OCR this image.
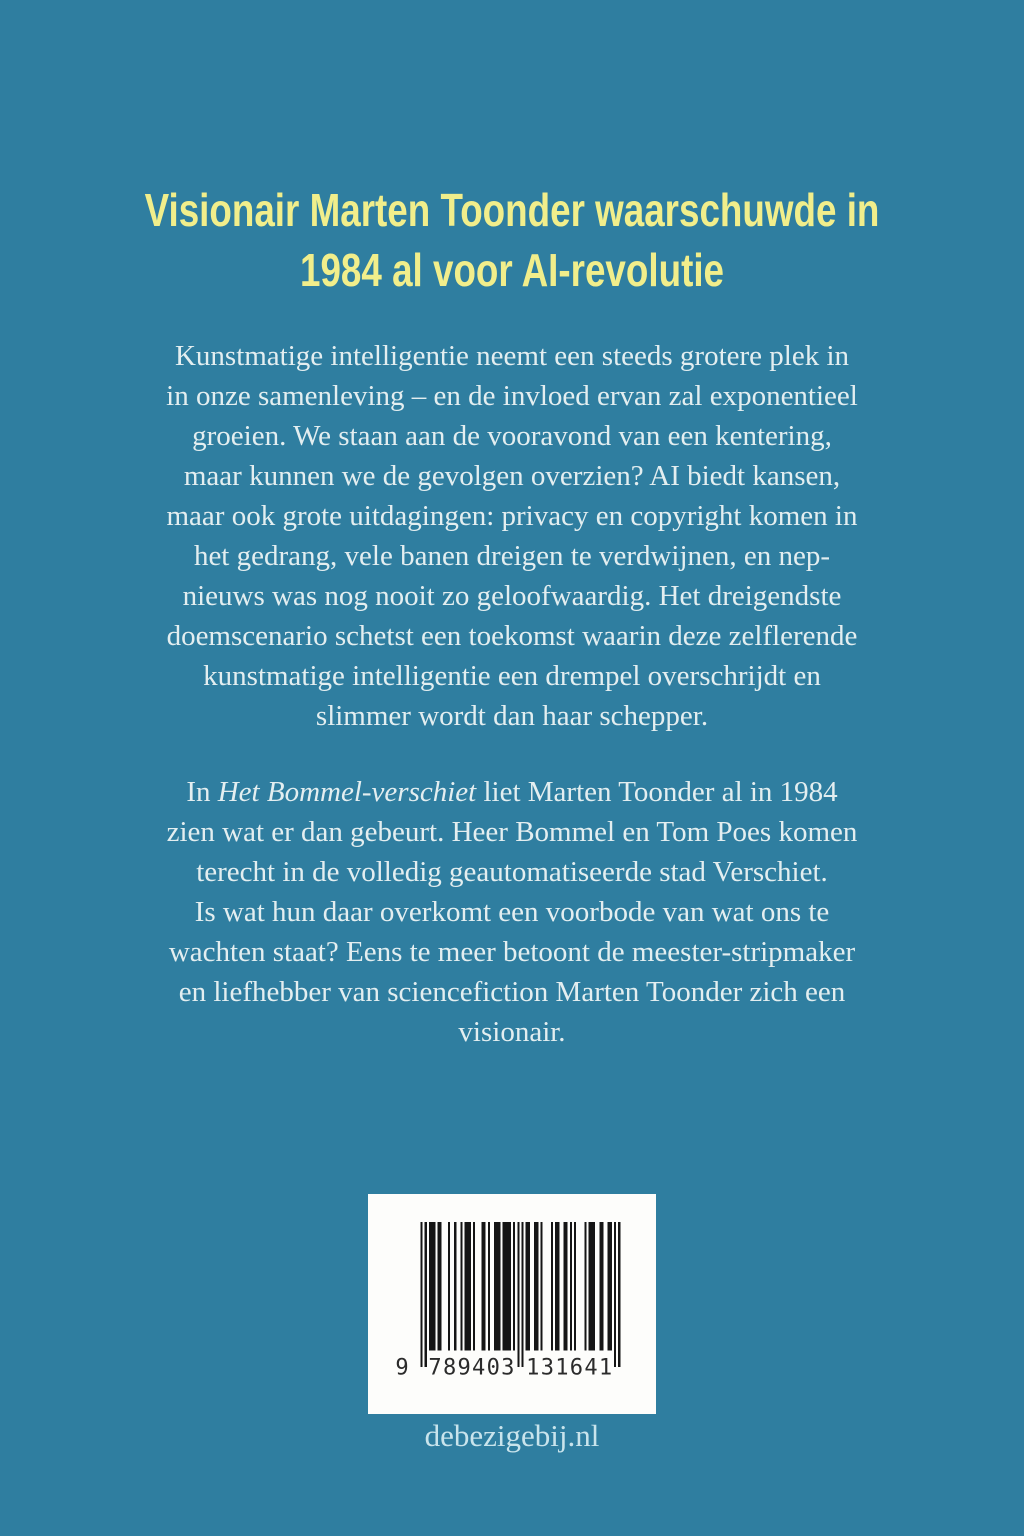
Visionair Marten Toonder waarschuwde in 1984 al voor AI-revolutie
Kunstmatige intelligentie neemt een steeds grotere plek in
in onze samenleving – en de invloed ervan zal exponentieel
groeien. We staan aan de vooravond van een kentering,
maar kunnen we de gevolgen overzien? AI biedt kansen,
maar ook grote uitdagingen: privacy en copyright komen in
het gedrang, vele banen dreigen te verdwijnen, en nep-
nieuws was nog nooit zo geloofwaardig. Het dreigendste
doemscenario schetst een toekomst waarin deze zelflerende
kunstmatige intelligentie een drempel overschrijdt en
slimmer wordt dan haar schepper.
In Het Bommel-verschiet liet Marten Toonder al in 1984
zien wat er dan gebeurt. Heer Bommel en Tom Poes komen
terecht in de volledig geautomatiseerde stad Verschiet.
Is wat hun daar overkomt een voorbode van wat ons te
wachten staat? Eens te meer betoont de meester-stripmaker
en liefhebber van sciencefiction Marten Toonder zich een
visionair.
9 789403 131641
debezigebij.nl
